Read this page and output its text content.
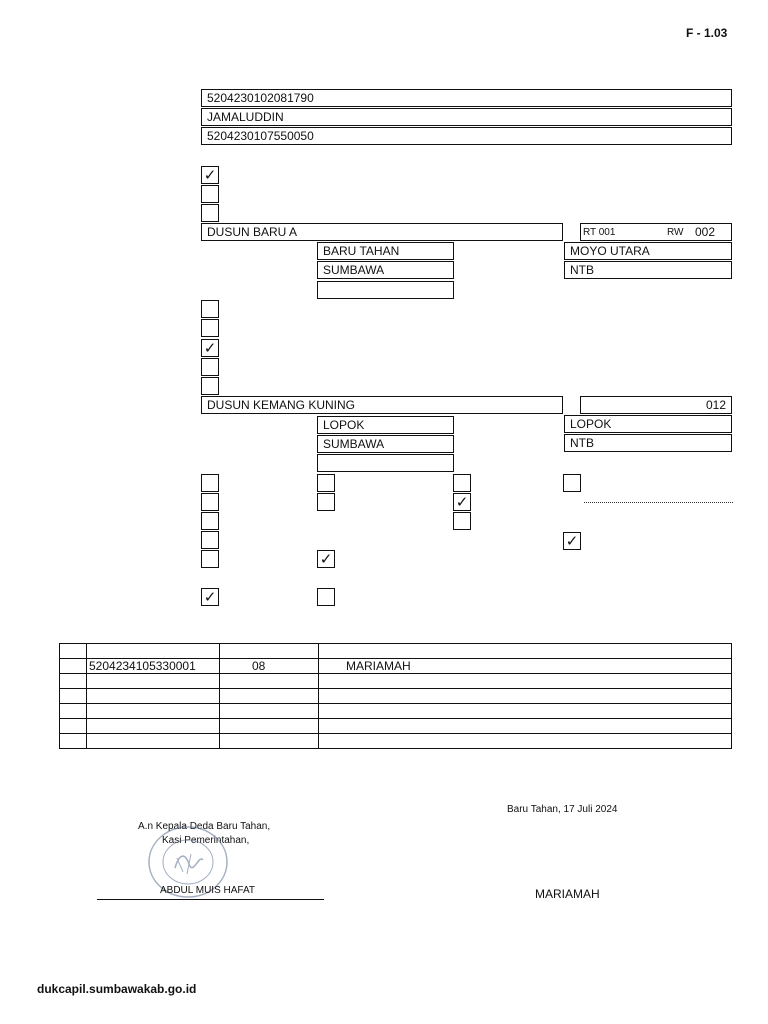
F - 1.03
5204230102081790
JAMALUDDIN
5204230107550050
✓
DUSUN BARU A	RT 001	RW 002
BARU TAHAN	MOYO UTARA
SUMBAWA	NTB
✓
DUSUN KEMANG KUNING	012
LOPOK	LOPOK
SUMBAWA	NTB
✓
✓
✓
✓

	5204234105330001	08	MARIAMAH

Baru Tahan, 17 Juli 2024
A.n Kepala Deda Baru Tahan,
Kasi Pemerintahan,
ABDUL MUIS HAFAT	MARIAMAH
dukcapil.sumbawakab.go.id
